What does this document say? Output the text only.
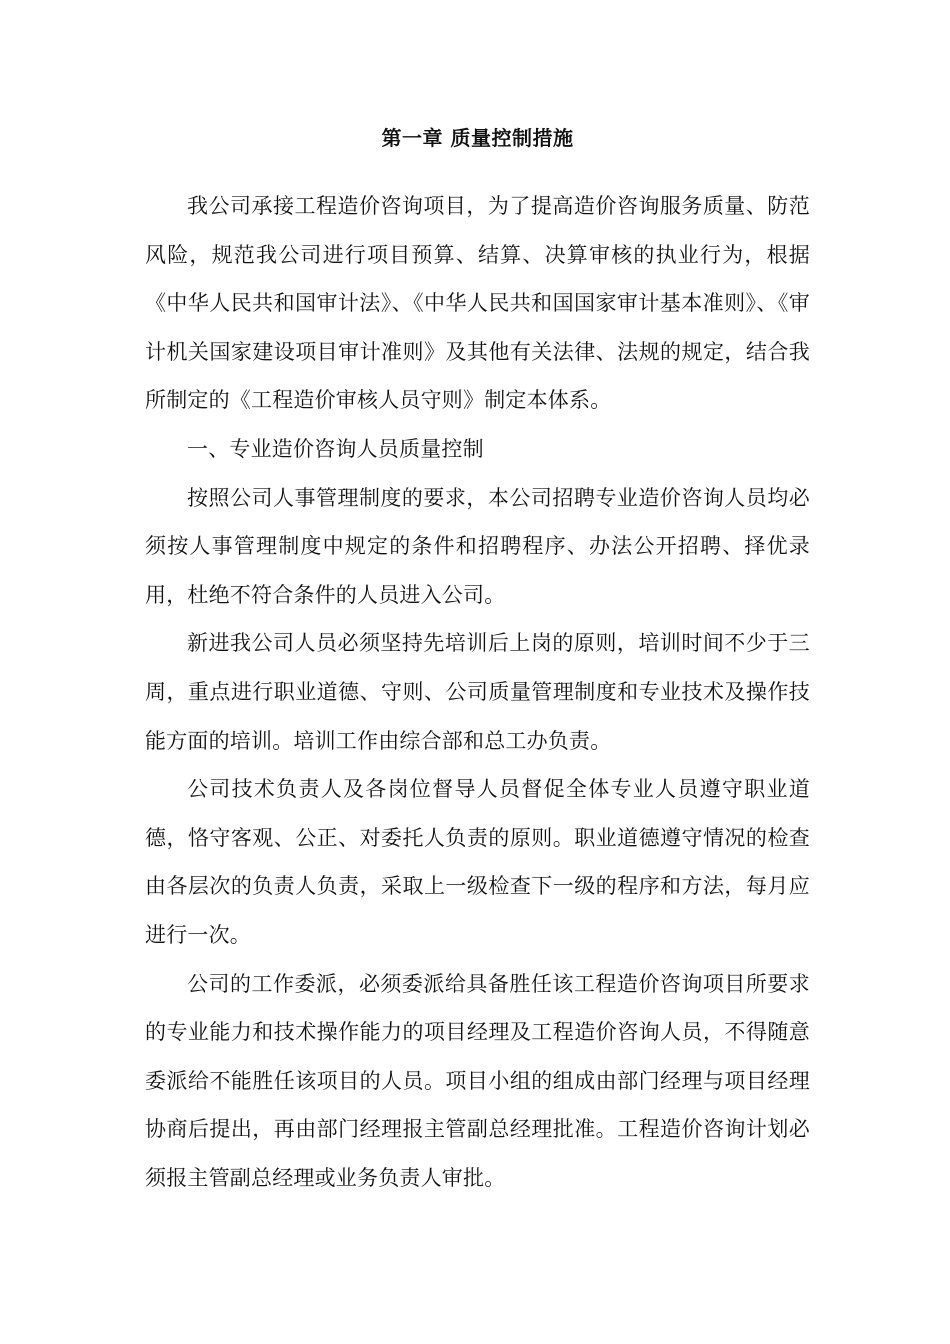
第一章 质量控制措施

我公司承接工程造价咨询项目，为了提高造价咨询服务质量、防范风险，规范我公司进行项目预算、结算、决算审核的执业行为，根据《中华人民共和国审计法》、《中华人民共和国国家审计基本准则》、《审计机关国家建设项目审计准则》及其他有关法律、法规的规定，结合我所制定的《工程造价审核人员守则》制定本体系。

一、专业造价咨询人员质量控制

按照公司人事管理制度的要求，本公司招聘专业造价咨询人员均必须按人事管理制度中规定的条件和招聘程序、办法公开招聘、择优录用，杜绝不符合条件的人员进入公司。

新进我公司人员必须坚持先培训后上岗的原则，培训时间不少于三周，重点进行职业道德、守则、公司质量管理制度和专业技术及操作技能方面的培训。培训工作由综合部和总工办负责。

公司技术负责人及各岗位督导人员督促全体专业人员遵守职业道德，恪守客观、公正、对委托人负责的原则。职业道德遵守情况的检查由各层次的负责人负责，采取上一级检查下一级的程序和方法，每月应进行一次。

公司的工作委派，必须委派给具备胜任该工程造价咨询项目所要求的专业能力和技术操作能力的项目经理及工程造价咨询人员，不得随意委派给不能胜任该项目的人员。项目小组的组成由部门经理与项目经理协商后提出，再由部门经理报主管副总经理批准。工程造价咨询计划必须报主管副总经理或业务负责人审批。
